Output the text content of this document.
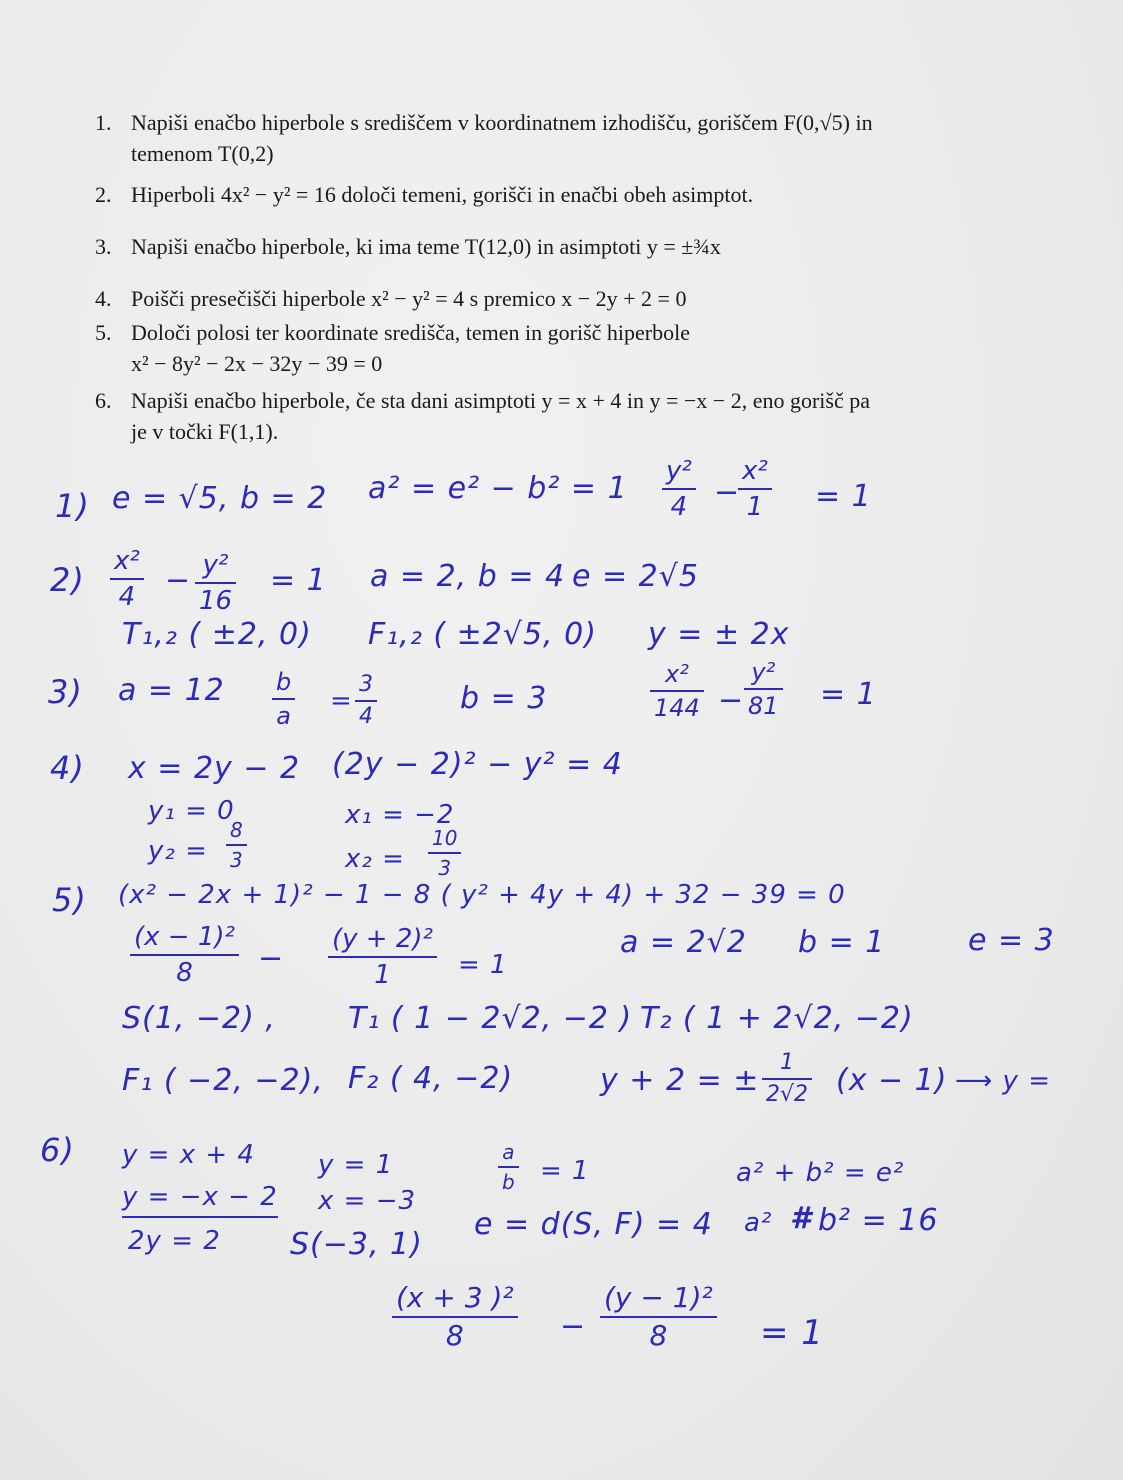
1. Napiši enačbo hiperbole s središčem v koordinatnem izhodišču, goriščem F(0,√5) in
temenom T(0,2)
2. Hiperboli 4x² − y² = 16 določi temeni, gorišči in enačbi obeh asimptot.
3. Napiši enačbo hiperbole, ki ima teme T(12,0) in asimptoti y = ±¾x
4. Poišči presečišči hiperbole x² − y² = 4 s premico x − 2y + 2 = 0
5. Določi polosi ter koordinate središča, temen in gorišč hiperbole
x² − 8y² − 2x − 32y − 39 = 0
6. Napiši enačbo hiperbole, če sta dani asimptoti y = x + 4 in y = −x − 2, eno gorišč pa
je v točki F(1,1).
1) e = √5, b = 2 $a^2 = e^2 - b^2 = 1 \frac{\text{y²}}{4}$ −
$\frac{\text{x²}}{1} = 1$
$2) \frac{\text{x²}}{4} - \frac{\text{y²}}{16} = 1$ a = 2, b = 4 e = 2√5
T₁,₂ ( ±2, 0) F₁,₂ ( ±2√5, 0) y = ± 2x
3) $a = 12 \frac{b}{a} = \frac{3}{4}$	b = 3	$\frac{\text{x²}}{144} - \frac{\text{y²}}{81} = 1$
4) x = 2y − 2 (2y − 2)² − y² = 4
y₁ = 0
$y_2 = \frac{8}{3}$
x₁ = −2
$x_2 = \frac{10}{3}$
5) (x² − 2x + 1)² − 1 − 8 ( y² + 4y + 4) + 32 − 39 = 0
$\frac{\text{(x − 1)²}}{8} - \frac{\text{(y + 2)²}}{1} = 1$
a = 2√2 b = 1	e = 3
S(1, −2) , T₁ ( 1 − 2√2, −2 ) T₂ ( 1 + 2√2, −2)
F₁ ( −2, −2), F₂ ( 4, −2)	y + 2 = ± $\frac{1}{2√2} (x - 1)$ ⟶ y =
6) y = x + 4
y = −x − 2
2y = 2
y = 1
x = −3
S(−3, 1)
$\frac{a}{b} = 1$
e = d(S, F) = 4
a² + b² = e²
a² # b² = 16
$\frac{\text{(x + 3 )²}}{8} - \frac{\text{(y − 1)²}}{8} = 1$
